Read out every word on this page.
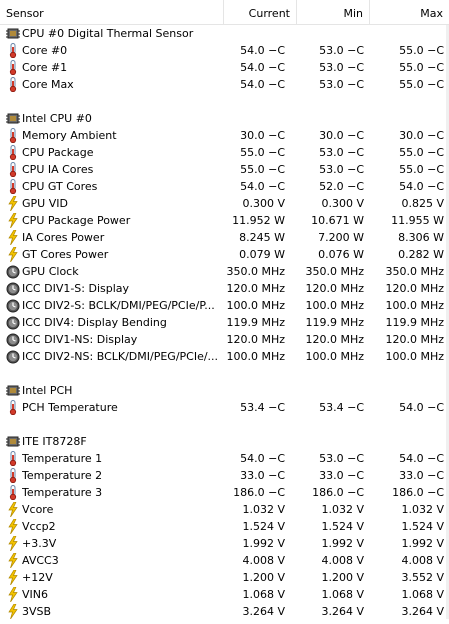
Sensor	Current	Min	Max
CPU #0 Digital Thermal Sensor
Core #0	54.0 −C	53.0 −C	55.0 −C
Core #1	54.0 −C	53.0 −C	55.0 −C
Core Max	54.0 −C	53.0 −C	55.0 −C
Intel CPU #0
Memory Ambient	30.0 −C	30.0 −C	30.0 −C
CPU Package	55.0 −C	53.0 −C	55.0 −C
CPU IA Cores	55.0 −C	53.0 −C	55.0 −C
CPU GT Cores	54.0 −C	52.0 −C	54.0 −C
GPU VID	0.300 V	0.300 V	0.825 V
CPU Package Power	11.952 W	10.671 W	11.955 W
IA Cores Power	8.245 W	7.200 W	8.306 W
GT Cores Power	0.079 W	0.076 W	0.282 W
GPU Clock	350.0 MHz	350.0 MHz	350.0 MHz
ICC DIV1-S: Display	120.0 MHz	120.0 MHz	120.0 MHz
ICC DIV2-S: BCLK/DMI/PEG/PCIe/P...	100.0 MHz	100.0 MHz	100.0 MHz
ICC DIV4: Display Bending	119.9 MHz	119.9 MHz	119.9 MHz
ICC DIV1-NS: Display	120.0 MHz	120.0 MHz	120.0 MHz
ICC DIV2-NS: BCLK/DMI/PEG/PCIe/... 100.0 MHz	100.0 MHz	100.0 MHz
Intel PCH
PCH Temperature	53.4 −C	53.4 −C	54.0 −C
ITE IT8728F
Temperature 1	54.0 −C	53.0 −C	54.0 −C
Temperature 2	33.0 −C	33.0 −C	33.0 −C
Temperature 3	186.0 −C	186.0 −C	186.0 −C
Vcore	1.032 V	1.032 V	1.032 V
Vccp2	1.524 V	1.524 V	1.524 V
+3.3V	1.992 V	1.992 V	1.992 V
AVCC3	4.008 V	4.008 V	4.008 V
+12V	1.200 V	1.200 V	3.552 V
VIN6	1.068 V	1.068 V	1.068 V
3VSB	3.264 V	3.264 V	3.264 V
